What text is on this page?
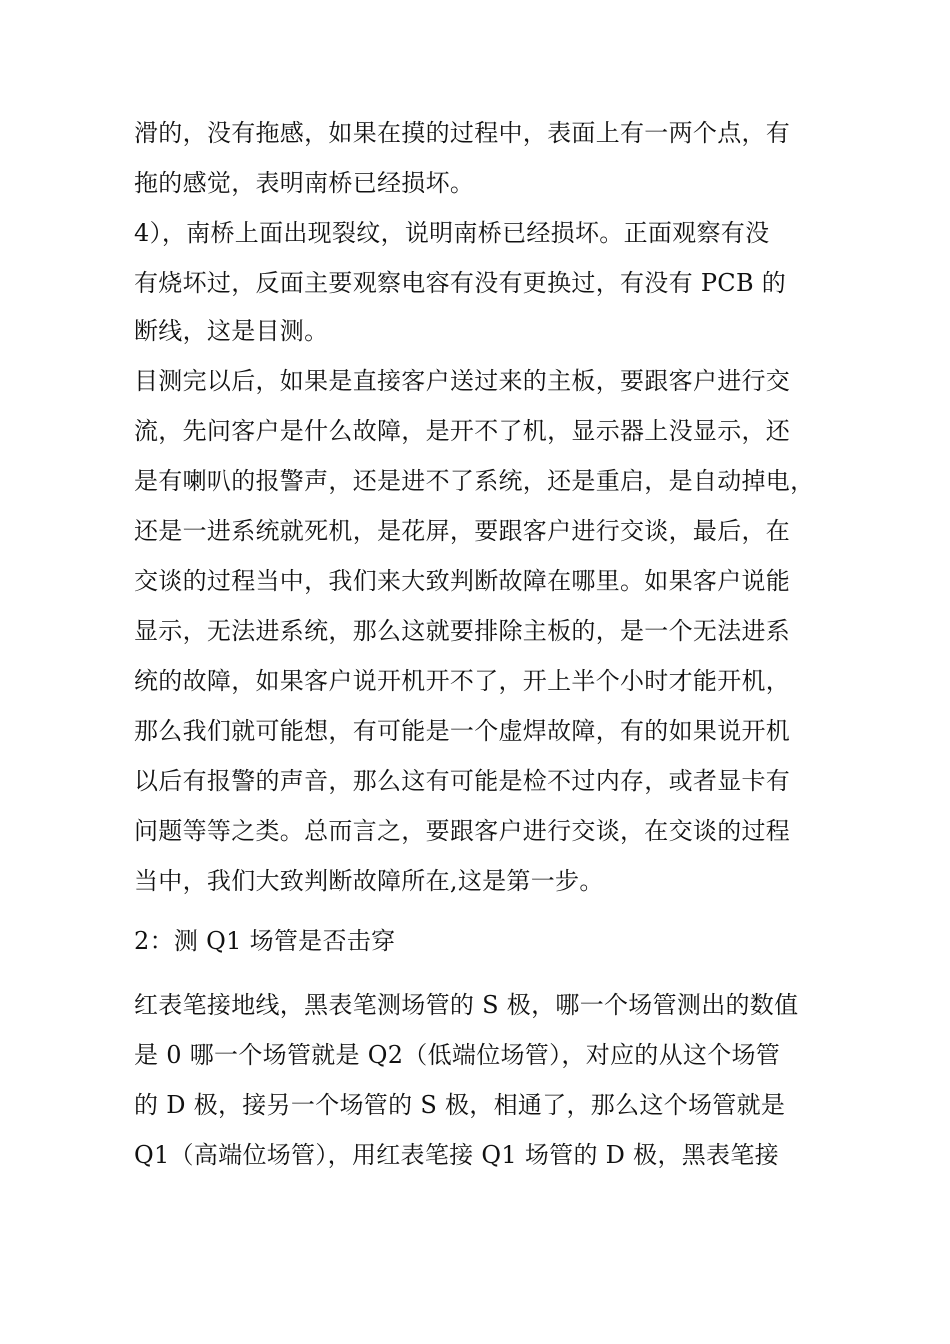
滑的，没有拖感，如果在摸的过程中，表面上有一两个点，有
拖的感觉，表明南桥已经损坏。
4），南桥上面出现裂纹，说明南桥已经损坏。正面观察有没
有烧坏过，反面主要观察电容有没有更换过，有没有 PCB 的
断线，这是目测。
目测完以后，如果是直接客户送过来的主板，要跟客户进行交
流，先问客户是什么故障，是开不了机，显示器上没显示，还
是有喇叭的报警声，还是进不了系统，还是重启，是自动掉电，
还是一进系统就死机，是花屏，要跟客户进行交谈，最后，在
交谈的过程当中，我们来大致判断故障在哪里。如果客户说能
显示，无法进系统，那么这就要排除主板的，是一个无法进系
统的故障，如果客户说开机开不了，开上半个小时才能开机，
那么我们就可能想，有可能是一个虚焊故障，有的如果说开机
以后有报警的声音，那么这有可能是检不过内存，或者显卡有
问题等等之类。总而言之，要跟客户进行交谈，在交谈的过程
当中，我们大致判断故障所在,这是第一步。
2：测 Q1 场管是否击穿
红表笔接地线，黑表笔测场管的 S 极，哪一个场管测出的数值
是 0 哪一个场管就是 Q2（低端位场管），对应的从这个场管
的 D 极，接另一个场管的 S 极，相通了，那么这个场管就是
Q1（高端位场管），用红表笔接 Q1 场管的 D 极，黑表笔接
